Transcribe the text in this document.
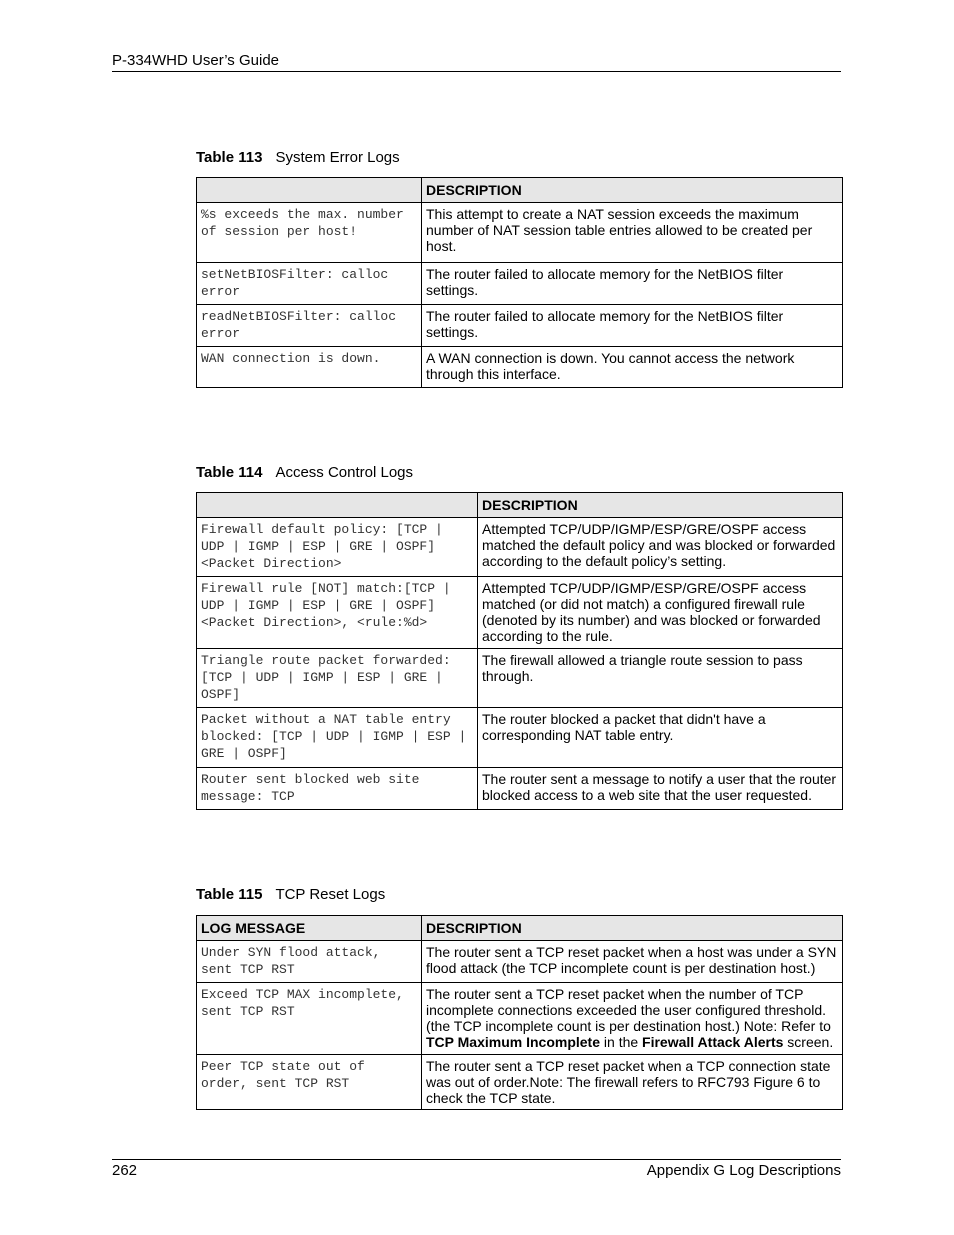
P-334WHD User’s Guide
Table 113 System Error Logs
	DESCRIPTION
%s exceeds the max. number of session per host!	This attempt to create a NAT session exceeds the maximum number of NAT session table entries allowed to be created per host.
setNetBIOSFilter: calloc error	The router failed to allocate memory for the NetBIOS filter settings.
readNetBIOSFilter: calloc error	The router failed to allocate memory for the NetBIOS filter settings.
WAN connection is down.	A WAN connection is down. You cannot access the network through this interface.
Table 114 Access Control Logs
	DESCRIPTION
Firewall default policy: [TCP | UDP | IGMP | ESP | GRE | OSPF] <Packet Direction>	Attempted TCP/UDP/IGMP/ESP/GRE/OSPF access matched the default policy and was blocked or forwarded according to the default policy’s setting.
Firewall rule [NOT] match:[TCP | UDP | IGMP | ESP | GRE | OSPF] <Packet Direction>, <rule:%d>	Attempted TCP/UDP/IGMP/ESP/GRE/OSPF access matched (or did not match) a configured firewall rule (denoted by its number) and was blocked or forwarded according to the rule.
Triangle route packet forwarded: [TCP | UDP | IGMP | ESP | GRE | OSPF]	The firewall allowed a triangle route session to pass through.
Packet without a NAT table entry blocked: [TCP | UDP | IGMP | ESP | GRE | OSPF]	The router blocked a packet that didn't have a corresponding NAT table entry.
Router sent blocked web site message: TCP	The router sent a message to notify a user that the router blocked access to a web site that the user requested.
Table 115 TCP Reset Logs
LOG MESSAGE	DESCRIPTION
Under SYN flood attack, sent TCP RST	The router sent a TCP reset packet when a host was under a SYN flood attack (the TCP incomplete count is per destination host.)
Exceed TCP MAX incomplete, sent TCP RST	The router sent a TCP reset packet when the number of TCP incomplete connections exceeded the user configured threshold. (the TCP incomplete count is per destination host.) Note: Refer to TCP Maximum Incomplete in the Firewall Attack Alerts screen.
Peer TCP state out of order, sent TCP RST	The router sent a TCP reset packet when a TCP connection state was out of order.Note: The firewall refers to RFC793 Figure 6 to check the TCP state.
262	Appendix G Log Descriptions
